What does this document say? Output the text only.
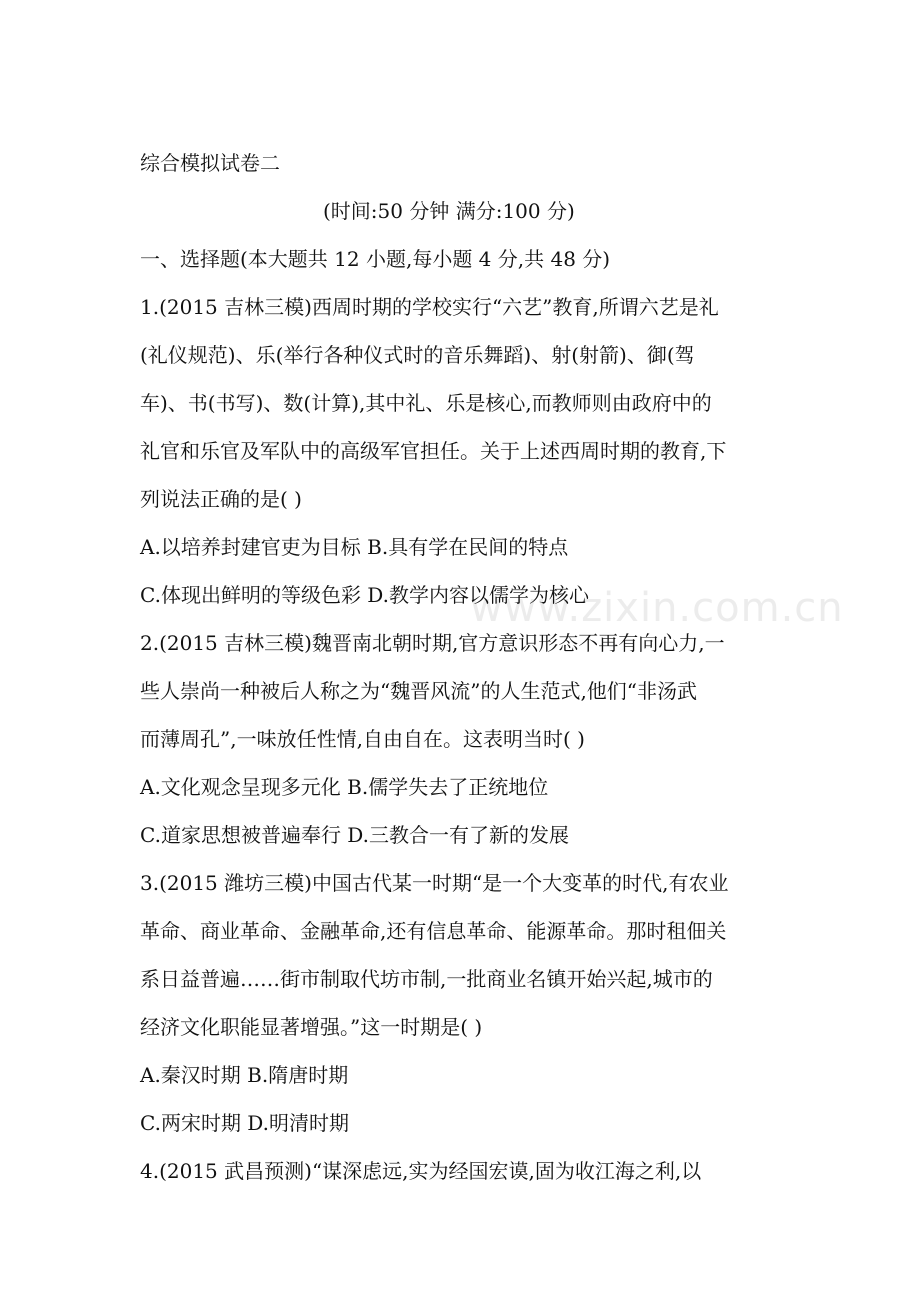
www.zixin.com.cn
综合模拟试卷二
(时间:50 分钟 满分:100 分)
一、选择题(本大题共 12 小题,每小题 4 分,共 48 分)
1.(2015 吉林三模)西周时期的学校实行“六艺”教育,所谓六艺是礼
(礼仪规范)、乐(举行各种仪式时的音乐舞蹈)、射(射箭)、御(驾
车)、书(书写)、数(计算),其中礼、乐是核心,而教师则由政府中的
礼官和乐官及军队中的高级军官担任。关于上述西周时期的教育,下
列说法正确的是( )
A.以培养封建官吏为目标 B.具有学在民间的特点
C.体现出鲜明的等级色彩 D.教学内容以儒学为核心
2.(2015 吉林三模)魏晋南北朝时期,官方意识形态不再有向心力,一
些人崇尚一种被后人称之为“魏晋风流”的人生范式,他们“非汤武
而薄周孔”,一味放任性情,自由自在。这表明当时( )
A.文化观念呈现多元化 B.儒学失去了正统地位
C.道家思想被普遍奉行 D.三教合一有了新的发展
3.(2015 潍坊三模)中国古代某一时期“是一个大变革的时代,有农业
革命、商业革命、金融革命,还有信息革命、能源革命。那时租佃关
系日益普遍……街市制取代坊市制,一批商业名镇开始兴起,城市的
经济文化职能显著增强。”这一时期是( )
A.秦汉时期 B.隋唐时期
C.两宋时期 D.明清时期
4.(2015 武昌预测)“谋深虑远,实为经国宏谟,固为收江海之利,以
